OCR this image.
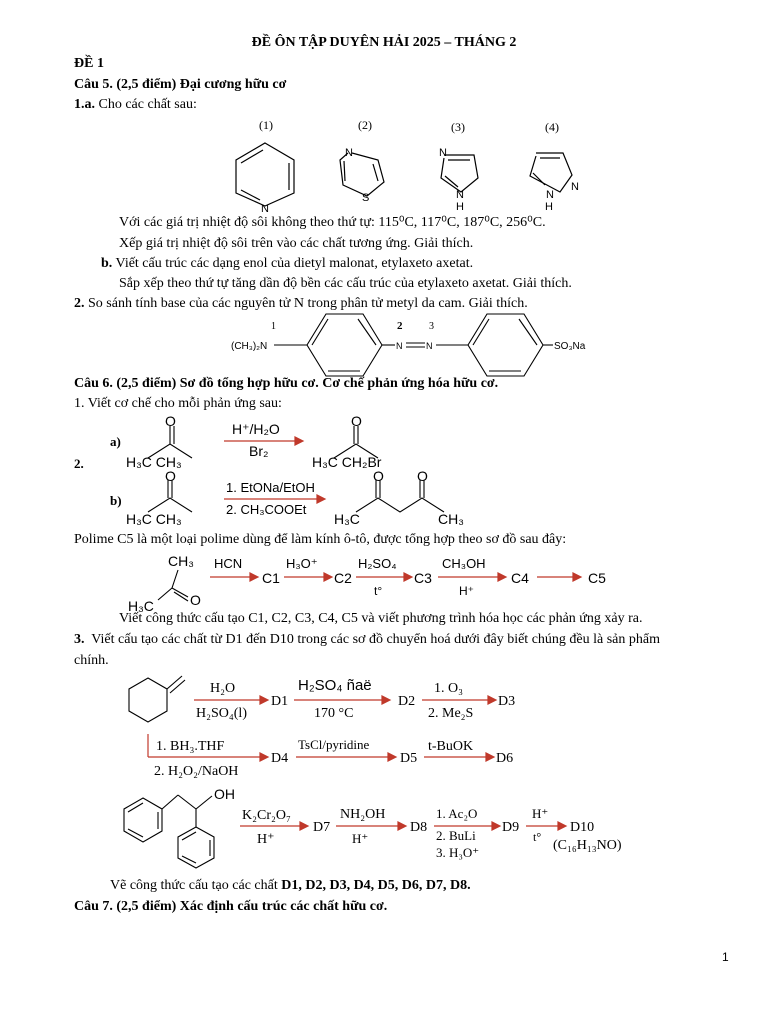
ĐỀ ÔN TẬP DUYÊN HẢI 2025 – THÁNG 2
ĐỀ 1
Câu 5. (2,5 điểm) Đại cương hữu cơ
1.a. Cho các chất sau:
(1)	(2)	(3)	(4)
N
N
S
N
N
H
N
N
H
Với các giá trị nhiệt độ sôi không theo thứ tự: 115⁰C, 117⁰C, 187⁰C, 256⁰C.
Xếp giá trị nhiệt độ sôi trên vào các chất tương ứng. Giải thích.
b. Viết cấu trúc các dạng enol của dietyl malonat, etylaxeto axetat.
Sắp xếp theo thứ tự tăng dần độ bền các cấu trúc của etylaxeto axetat. Giải thích.
2. So sánh tính base của các nguyên tử N trong phân tử metyl da cam. Giải thích.
1	2	3
(CH₃)₂N	N	N	SO₃Na
Câu 6. (2,5 điểm) Sơ đồ tổng hợp hữu cơ. Cơ chế phản ứng hóa hữu cơ.
1. Viết cơ chế cho mỗi phản ứng sau:
a)
2.
O
H₃C CH₃
H⁺/H₂O
Br₂
O
H₃C CH₂Br
b)
O
H₃C CH₃
1. EtONa/EtOH
2. CH₃COOEt
O O
H₃C	CH₃
Polime C5 là một loại polime dùng để làm kính ô-tô, được tổng hợp theo sơ đồ sau đây:
CH₃
H₃C	O
HCN
C1
H₃O⁺
C2
H₂SO₄
t°
C3
CH₃OH
H⁺
C4	C5
Viết công thức cấu tạo C1, C2, C3, C4, C5 và viết phương trình hóa học các phản ứng xảy ra.
3. Viết cấu tạo các chất từ D1 đến D10 trong các sơ đồ chuyển hoá dưới đây biết chúng đều là sản phẩm
chính.
H₂O
H₂SO₄(l)
D1
H₂SO₄ ñaë
170 °C
D2
1. O₃
2. Me₂S
D3
1. BH₃.THF
2. H₂O₂/NaOH
D4
TsCl/pyridine
D5
t-BuOK
D6
OH
K₂Cr₂O₇
H⁺
D7
NH₂OH
H⁺
D8
1. Ac₂O
2. BuLi
3. H₃O⁺
D9
H⁺
t°
D10
(C₁₆H₁₃NO)
Vẽ công thức cấu tạo các chất D1, D2, D3, D4, D5, D6, D7, D8.
Câu 7. (2,5 điểm) Xác định cấu trúc các chất hữu cơ.
1
